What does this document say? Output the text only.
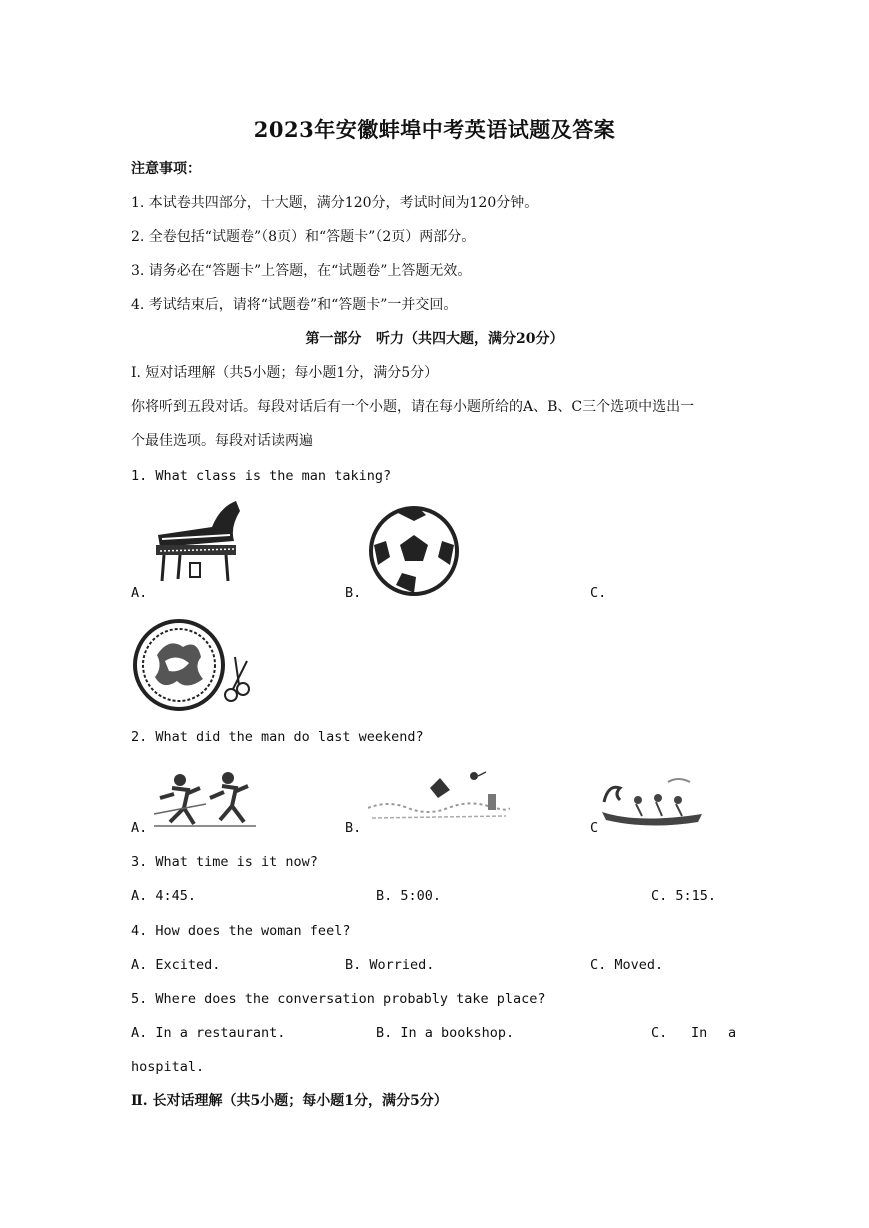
2023年安徽蚌埠中考英语试题及答案
注意事项：
1. 本试卷共四部分，十大题，满分120分，考试时间为120分钟。
2. 全卷包括“试题卷”（8页）和“答题卡”（2页）两部分。
3. 请务必在“答题卡”上答题，在“试题卷”上答题无效。
4. 考试结束后，请将“试题卷”和“答题卡”一并交回。
第一部分   听力（共四大题，满分20分）
Ⅰ. 短对话理解（共5小题；每小题1分，满分5分）
你将听到五段对话。每段对话后有一个小题，请在每小题所给的A、B、C三个选项中选出一
个最佳选项。每段对话读两遍
1. What class is the man taking?
A.	B.	C.
2. What did the man do last weekend?
A.	B.	C
3. What time is it now?
A. 4:45.	B. 5:00.	C. 5:15.
4. How does the woman feel?
A. Excited.	B. Worried.	C. Moved.
5. Where does the conversation probably take place?
A. In a restaurant.	B. In a bookshop.	C. In a
hospital.
Ⅱ. 长对话理解（共5小题；每小题1分，满分5分）
